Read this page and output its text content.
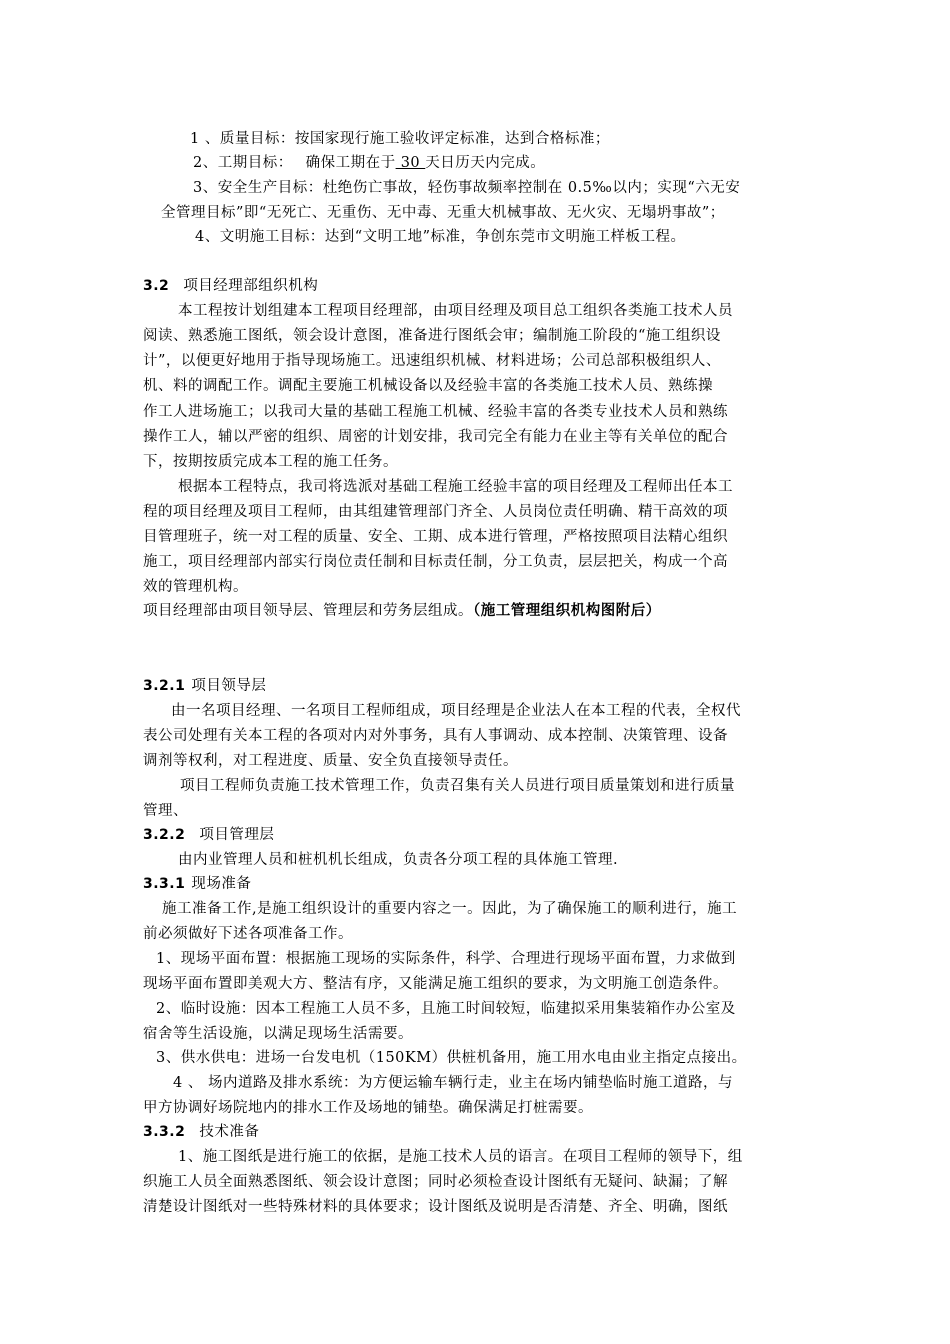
1 、质量目标：按国家现行施工验收评定标准，达到合格标准；
2、工期目标：　 确保工期在于 30 天日历天内完成。
3、安全生产目标：杜绝伤亡事故，轻伤事故频率控制在 0.5‰以内；实现“六无安
全管理目标”即“无死亡、无重伤、无中毒、无重大机械事故、无火灾、无塌坍事故”；
4、文明施工目标：达到“文明工地”标准，争创东莞市文明施工样板工程。
3.2 项目经理部组织机构
本工程按计划组建本工程项目经理部，由项目经理及项目总工组织各类施工技术人员
阅读、熟悉施工图纸，领会设计意图，准备进行图纸会审；编制施工阶段的“施工组织设
计”，以便更好地用于指导现场施工。迅速组织机械、材料进场；公司总部积极组织人、
机、料的调配工作。调配主要施工机械设备以及经验丰富的各类施工技术人员、熟练操
作工人进场施工；以我司大量的基础工程施工机械、经验丰富的各类专业技术人员和熟练
操作工人，辅以严密的组织、周密的计划安排，我司完全有能力在业主等有关单位的配合
下，按期按质完成本工程的施工任务。
根据本工程特点，我司将选派对基础工程施工经验丰富的项目经理及工程师出任本工
程的项目经理及项目工程师，由其组建管理部门齐全、人员岗位责任明确、精干高效的项
目管理班子，统一对工程的质量、安全、工期、成本进行管理，严格按照项目法精心组织
施工，项目经理部内部实行岗位责任制和目标责任制，分工负责，层层把关，构成一个高
效的管理机构。
项目经理部由项目领导层、管理层和劳务层组成。（施工管理组织机构图附后）
3.2.1 项目领导层
由一名项目经理、一名项目工程师组成，项目经理是企业法人在本工程的代表，全权代
表公司处理有关本工程的各项对内对外事务，具有人事调动、成本控制、决策管理、设备
调剂等权利，对工程进度、质量、安全负直接领导责任。
项目工程师负责施工技术管理工作，负责召集有关人员进行项目质量策划和进行质量
管理、
3.2.2 项目管理层
由内业管理人员和桩机机长组成，负责各分项工程的具体施工管理.
3.3.1 现场准备
施工准备工作,是施工组织设计的重要内容之一。因此，为了确保施工的顺利进行，施工
前必须做好下述各项准备工作。
1、现场平面布置：根据施工现场的实际条件，科学、合理进行现场平面布置，力求做到
现场平面布置即美观大方、整洁有序，又能满足施工组织的要求，为文明施工创造条件。
2、临时设施：因本工程施工人员不多，且施工时间较短，临建拟采用集装箱作办公室及
宿舍等生活设施，以满足现场生活需要。
3、供水供电：进场一台发电机（150KM）供桩机备用，施工用水电由业主指定点接出。
4 、 场内道路及排水系统：为方便运输车辆行走，业主在场内铺垫临时施工道路，与
甲方协调好场院地内的排水工作及场地的铺垫。确保满足打桩需要。
3.3.2 技术准备
1、施工图纸是进行施工的依据，是施工技术人员的语言。在项目工程师的领导下，组
织施工人员全面熟悉图纸、领会设计意图；同时必须检查设计图纸有无疑问、缺漏；了解
清楚设计图纸对一些特殊材料的具体要求；设计图纸及说明是否清楚、齐全、明确，图纸
